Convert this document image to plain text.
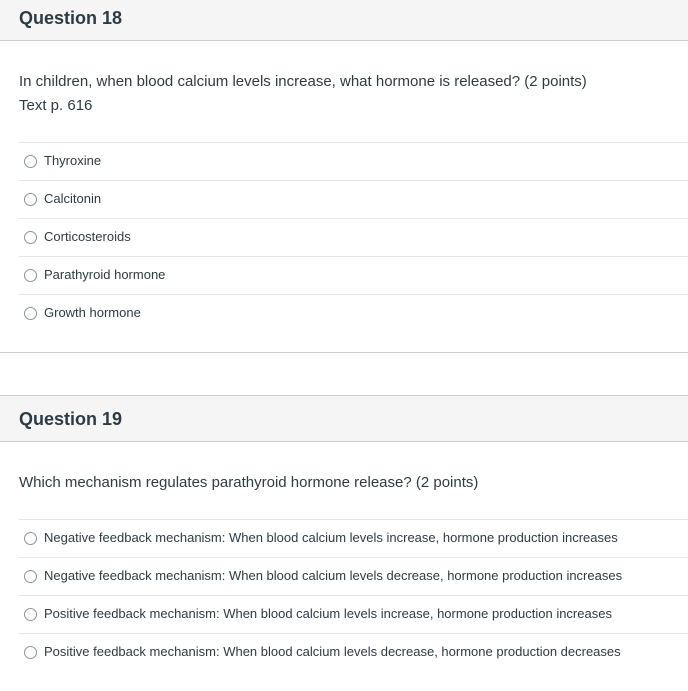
Question 18
In children, when blood calcium levels increase, what hormone is released? (2 points)
Text p. 616
Thyroxine
Calcitonin
Corticosteroids
Parathyroid hormone
Growth hormone
Question 19
Which mechanism regulates parathyroid hormone release? (2 points)
Negative feedback mechanism: When blood calcium levels increase, hormone production increases
Negative feedback mechanism: When blood calcium levels decrease, hormone production increases
Positive feedback mechanism: When blood calcium levels increase, hormone production increases
Positive feedback mechanism: When blood calcium levels decrease, hormone production decreases
